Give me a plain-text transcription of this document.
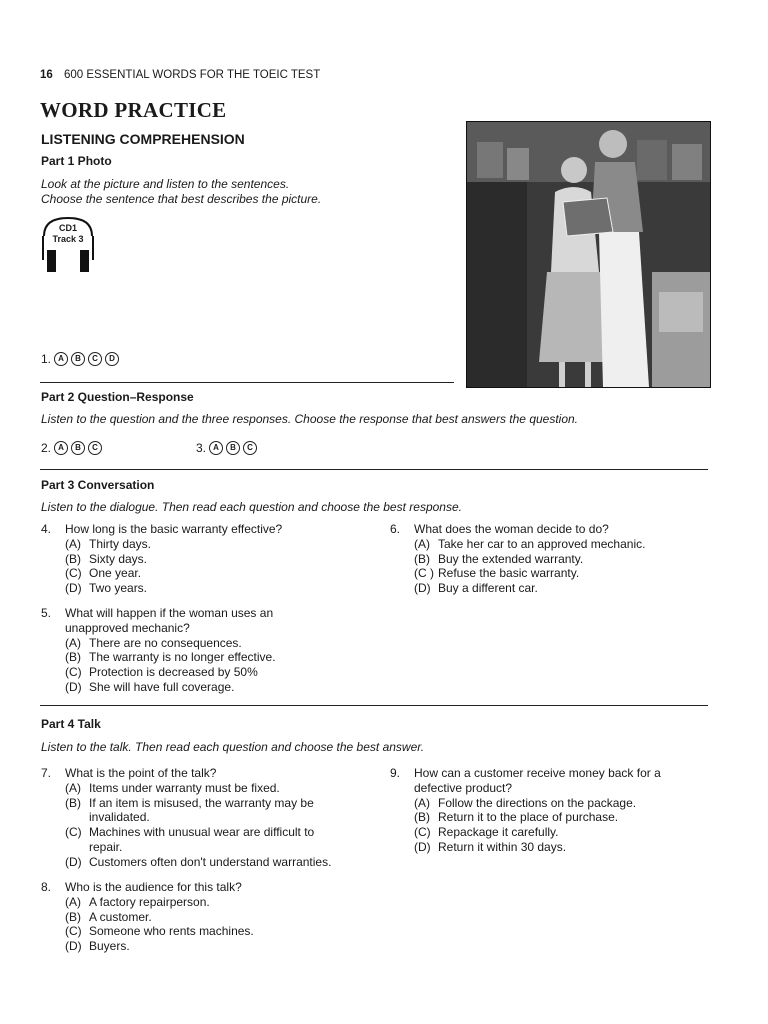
16 600 ESSENTIAL WORDS FOR THE TOEIC TEST
WORD PRACTICE
LISTENING COMPREHENSION
Part 1 Photo
Look at the picture and listen to the sentences.
Choose the sentence that best describes the picture.
CD1
Track 3
1. A	B	C	D
Part 2 Question–Response
Listen to the question and the three responses. Choose the response that best answers the question.
2. A	B	C	3. A	B	C
Part 3 Conversation
Listen to the dialogue. Then read each question and choose the best response.
4.	How long is the basic warranty effective?
(A) Thirty days.
(B) Sixty days.
(C) One year.
(D) Two years.
5.	What will happen if the woman uses an
unapproved mechanic?
(A) There are no consequences.
(B) The warranty is no longer effective.
(C) Protection is decreased by 50%
(D) She will have full coverage.
6.	What does the woman decide to do?
(A) Take her car to an approved mechanic.
(B) Buy the extended warranty.
(C ) Refuse the basic warranty.
(D) Buy a different car.
Part 4 Talk
Listen to the talk. Then read each question and choose the best answer.
7.	What is the point of the talk?
(A) Items under warranty must be fixed.
(B) If an item is misused, the warranty may be
invalidated.
(C) Machines with unusual wear are difficult to
repair.
(D) Customers often don't understand warranties.
8.	Who is the audience for this talk?
(A) A factory repairperson.
(B) A customer.
(C) Someone who rents machines.
(D) Buyers.
9.	How can a customer receive money back for a
defective product?
(A) Follow the directions on the package.
(B) Return it to the place of purchase.
(C) Repackage it carefully.
(D) Return it within 30 days.
